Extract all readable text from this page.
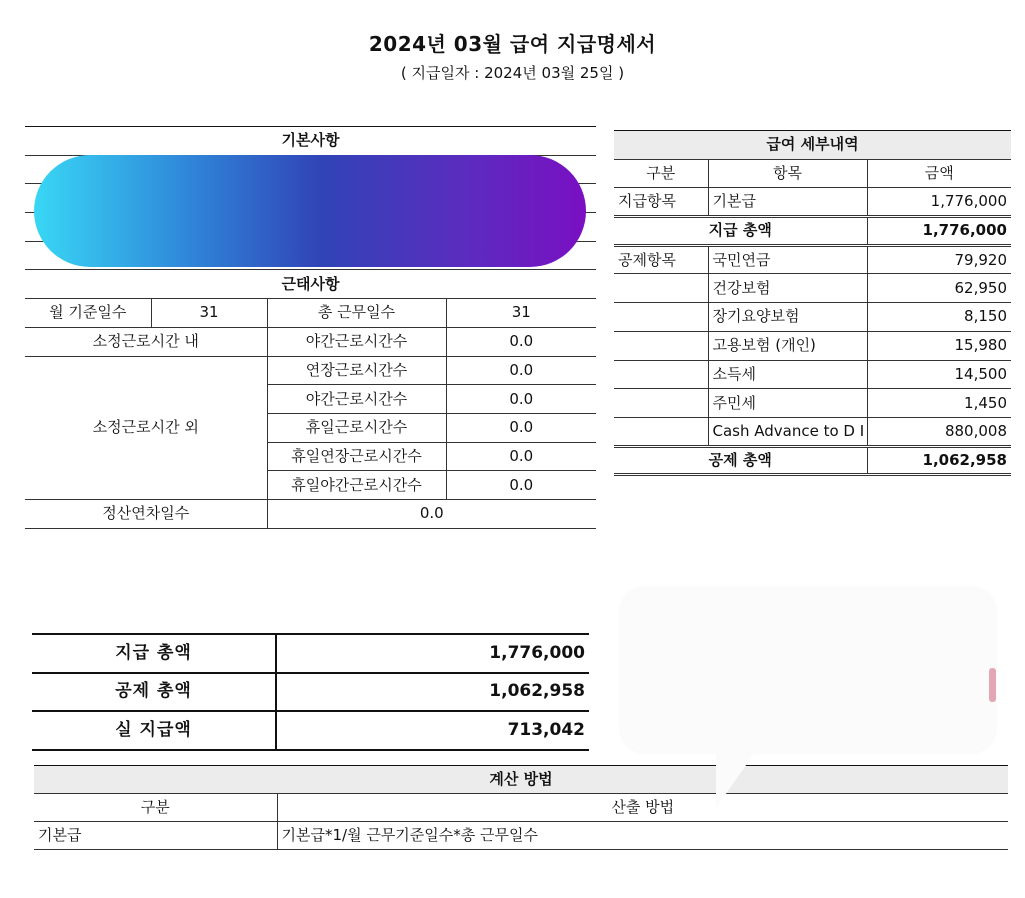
2024년 03월 급여 지급명세서
( 지급일자 : 2024년 03월 25일 )
기본사항			

근태사항			
월 기준일수	31	총 근무일수	31
소정근로시간 내		야간근로시간수	0.0
소정근로시간 외		연장근로시간수	0.0
		야간근로시간수	0.0
		휴일근로시간수	0.0
		휴일연장근로시간수	0.0
		휴일야간근로시간수	0.0
정산연차일수		0.0	
급여 세부내역		
구분	항목	금액
지급항목	기본급	1,776,000
지급 총액		1,776,000
공제항목	국민연금	79,920
	건강보험	62,950
	장기요양보험	8,150
	고용보험 (개인)	15,980
	소득세	14,500
	주민세	1,450
	Cash Advance to D I	880,008
공제 총액		1,062,958
지급 총액	1,776,000
공제 총액	1,062,958
실 지급액	713,042
계산 방법	
구분	산출 방법
기본급	기본급*1/월 근무기준일수*총 근무일수
